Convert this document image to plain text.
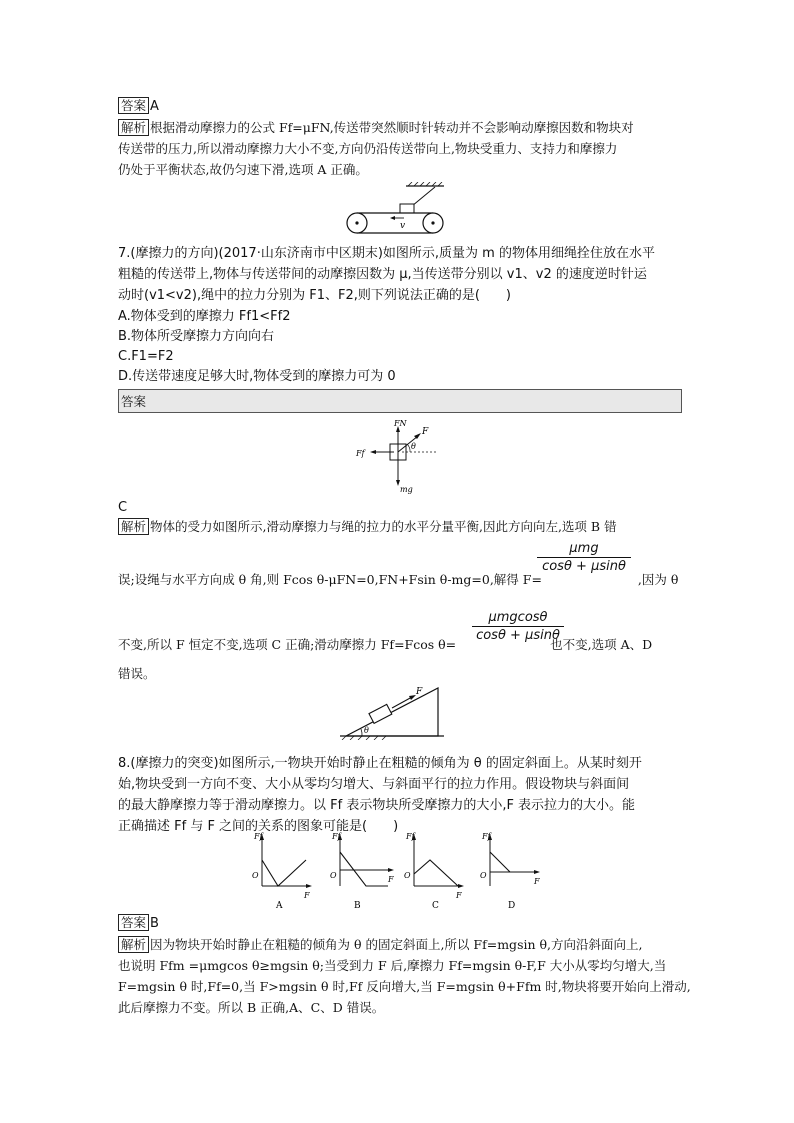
答案 A
解析 根据滑动摩擦力的公式 Ff=μFN,传送带突然顺时针转动并不会影响动摩擦因数和物块对
传送带的压力,所以滑动摩擦力大小不变,方向仍沿传送带向上,物块受重力、支持力和摩擦力
仍处于平衡状态,故仍匀速下滑,选项 A 正确。
v
7.(摩擦力的方向)(2017·山东济南市中区期末)如图所示,质量为 m 的物体用细绳拴住放在水平
粗糙的传送带上,物体与传送带间的动摩擦因数为 μ,当传送带分别以 v1、v2 的速度逆时针运
动时(v1<v2),绳中的拉力分别为 F1、F2,则下列说法正确的是(　　)
A.物体受到的摩擦力 Ff1<Ff2
B.物体所受摩擦力方向向右
C.F1=F2
D.传送带速度足够大时,物体受到的摩擦力可为 0
答案
FN
F
θ
Ff
mg
C
解析 物体的受力如图所示,滑动摩擦力与绳的拉力的水平分量平衡,因此方向向左,选项 B 错
μmg
cosθ + μsinθ
误;设绳与水平方向成 θ 角,则 Fcos θ-μFN=0,FN+Fsin θ-mg=0,解得 F=	,因为 θ
μmgcosθ
cosθ + μsinθ
不变,所以 F 恒定不变,选项 C 正确;滑动摩擦力 Ff=Fcos θ=	也不变,选项 A、D
错误。
F
θ
8.(摩擦力的突变)如图所示,一物块开始时静止在粗糙的倾角为 θ 的固定斜面上。从某时刻开
始,物块受到一方向不变、大小从零均匀增大、与斜面平行的拉力作用。假设物块与斜面间
的最大静摩擦力等于滑动摩擦力。以 Ff 表示物块所受摩擦力的大小,F 表示拉力的大小。能
正确描述 Ff 与 F 之间的关系的图象可能是(　　)
Ff
F
O
A
Ff
F
O
B
Ff
F
O
C
Ff
F
O
D
答案 B
解析 因为物块开始时静止在粗糙的倾角为 θ 的固定斜面上,所以 Ff=mgsin θ,方向沿斜面向上,
也说明 Ffm =μmgcos θ≥mgsin θ;当受到力 F 后,摩擦力 Ff=mgsin θ-F,F 大小从零均匀增大,当
F=mgsin θ 时,Ff=0,当 F>mgsin θ 时,Ff 反向增大,当 F=mgsin θ+Ffm 时,物块将要开始向上滑动,
此后摩擦力不变。所以 B 正确,A、C、D 错误。
